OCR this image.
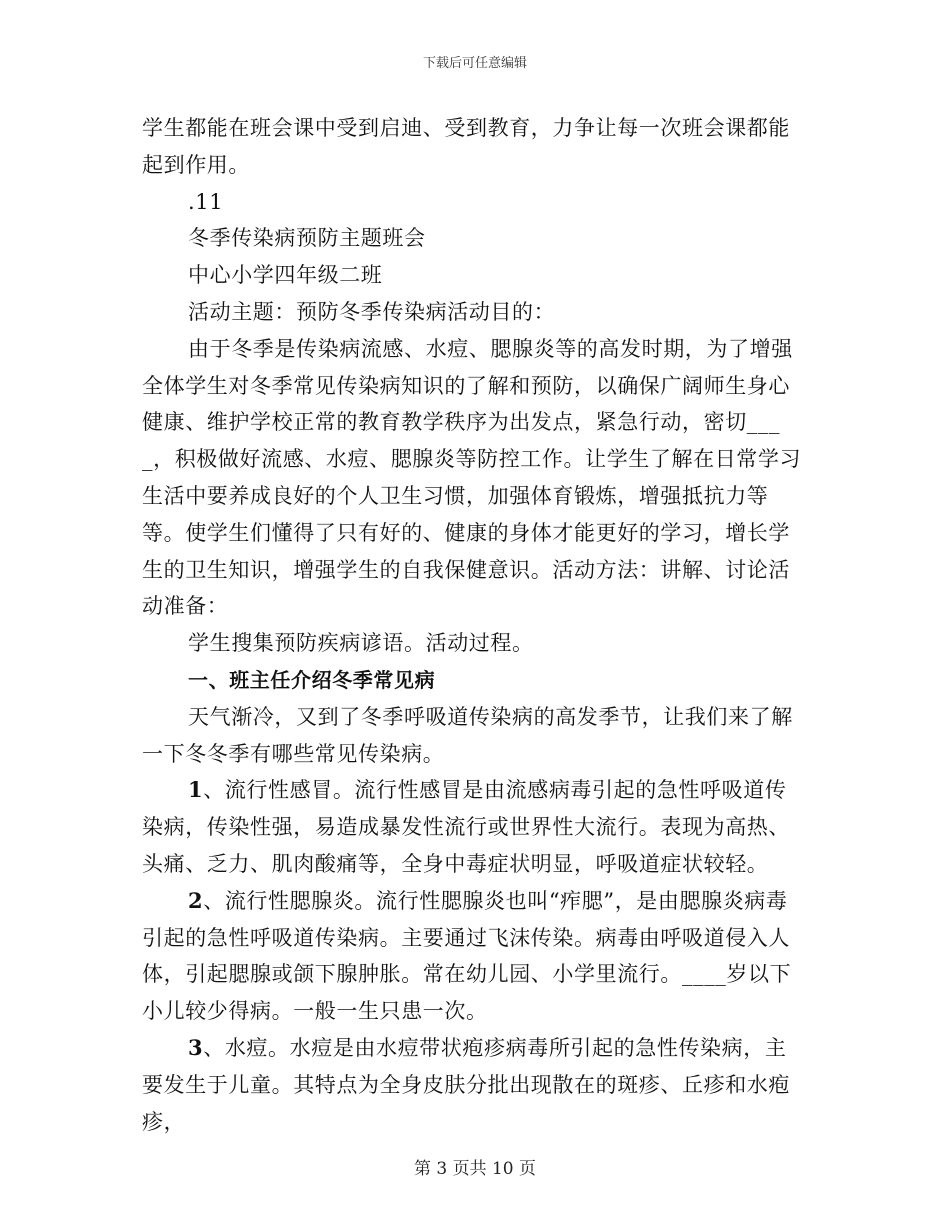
下载后可任意编辑

学生都能在班会课中受到启迪、受到教育，力争让每一次班会课都能起到作用。

.11

冬季传染病预防主题班会

中心小学四年级二班

活动主题：预防冬季传染病活动目的：

由于冬季是传染病流感、水痘、腮腺炎等的高发时期，为了增强全体学生对冬季常见传染病知识的了解和预防，以确保广阔师生身心健康、维护学校正常的教育教学秩序为出发点，紧急行动，密切____，积极做好流感、水痘、腮腺炎等防控工作。让学生了解在日常学习生活中要养成良好的个人卫生习惯，加强体育锻炼，增强抵抗力等等。使学生们懂得了只有好的、健康的身体才能更好的学习，增长学生的卫生知识，增强学生的自我保健意识。活动方法：讲解、讨论活动准备：

学生搜集预防疾病谚语。活动过程。

一、班主任介绍冬季常见病

天气渐冷，又到了冬季呼吸道传染病的高发季节，让我们来了解一下冬冬季有哪些常见传染病。

1、流行性感冒。流行性感冒是由流感病毒引起的急性呼吸道传染病，传染性强，易造成暴发性流行或世界性大流行。表现为高热、头痛、乏力、肌肉酸痛等，全身中毒症状明显，呼吸道症状较轻。

2、流行性腮腺炎。流行性腮腺炎也叫“痄腮”，是由腮腺炎病毒引起的急性呼吸道传染病。主要通过飞沫传染。病毒由呼吸道侵入人体，引起腮腺或颌下腺肿胀。常在幼儿园、小学里流行。____岁以下小儿较少得病。一般一生只患一次。

3、水痘。水痘是由水痘带状疱疹病毒所引起的急性传染病，主要发生于儿童。其特点为全身皮肤分批出现散在的斑疹、丘疹和水疱疹，

第 3 页共 10 页
